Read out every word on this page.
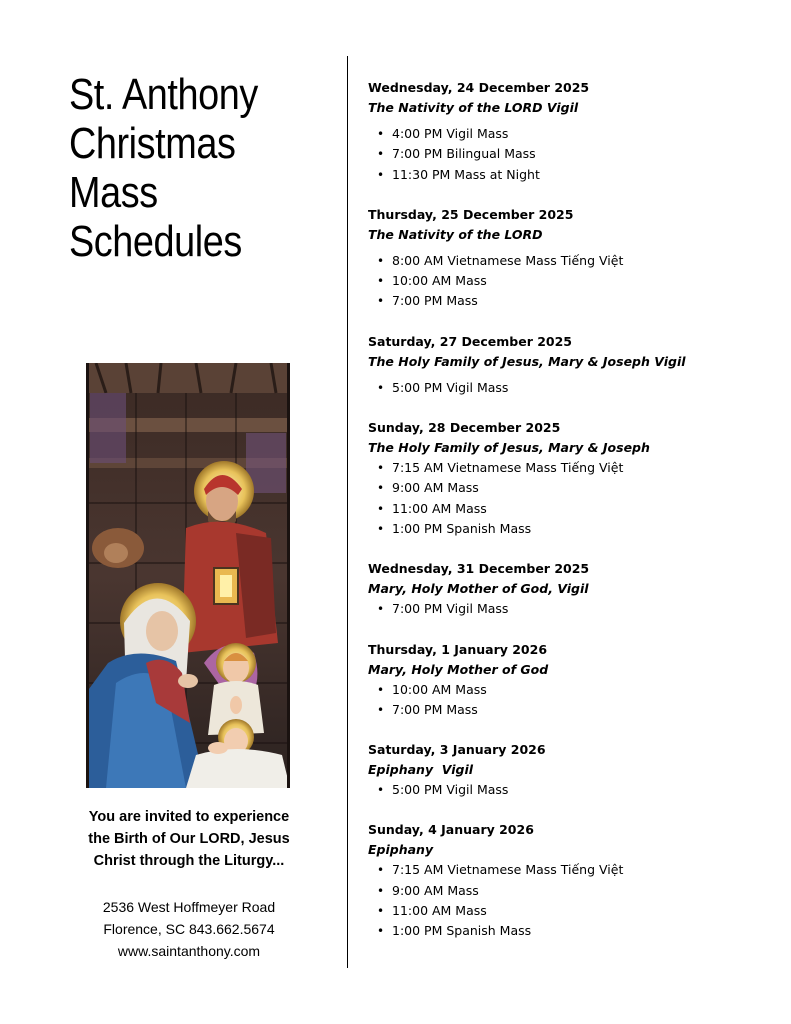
St. Anthony
Christmas
Mass
Schedules
You are invited to experience
the Birth of Our LORD, Jesus
Christ through the Liturgy...
2536 West Hoffmeyer Road
Florence, SC 843.662.5674
www.saintanthony.com
Wednesday, 24 December 2025
The Nativity of the LORD Vigil
• 4:00 PM Vigil Mass
• 7:00 PM Bilingual Mass
• 11:30 PM Mass at Night
Thursday, 25 December 2025
The Nativity of the LORD
• 8:00 AM Vietnamese Mass Tiếng Việt
• 10:00 AM Mass
• 7:00 PM Mass
Saturday, 27 December 2025
The Holy Family of Jesus, Mary & Joseph Vigil
• 5:00 PM Vigil Mass
Sunday, 28 December 2025
The Holy Family of Jesus, Mary & Joseph
• 7:15 AM Vietnamese Mass Tiếng Việt
• 9:00 AM Mass
• 11:00 AM Mass
• 1:00 PM Spanish Mass
Wednesday, 31 December 2025
Mary, Holy Mother of God, Vigil
• 7:00 PM Vigil Mass
Thursday, 1 January 2026
Mary, Holy Mother of God
• 10:00 AM Mass
• 7:00 PM Mass
Saturday, 3 January 2026
Epiphany  Vigil
• 5:00 PM Vigil Mass
Sunday, 4 January 2026
Epiphany
• 7:15 AM Vietnamese Mass Tiếng Việt
• 9:00 AM Mass
• 11:00 AM Mass
• 1:00 PM Spanish Mass
